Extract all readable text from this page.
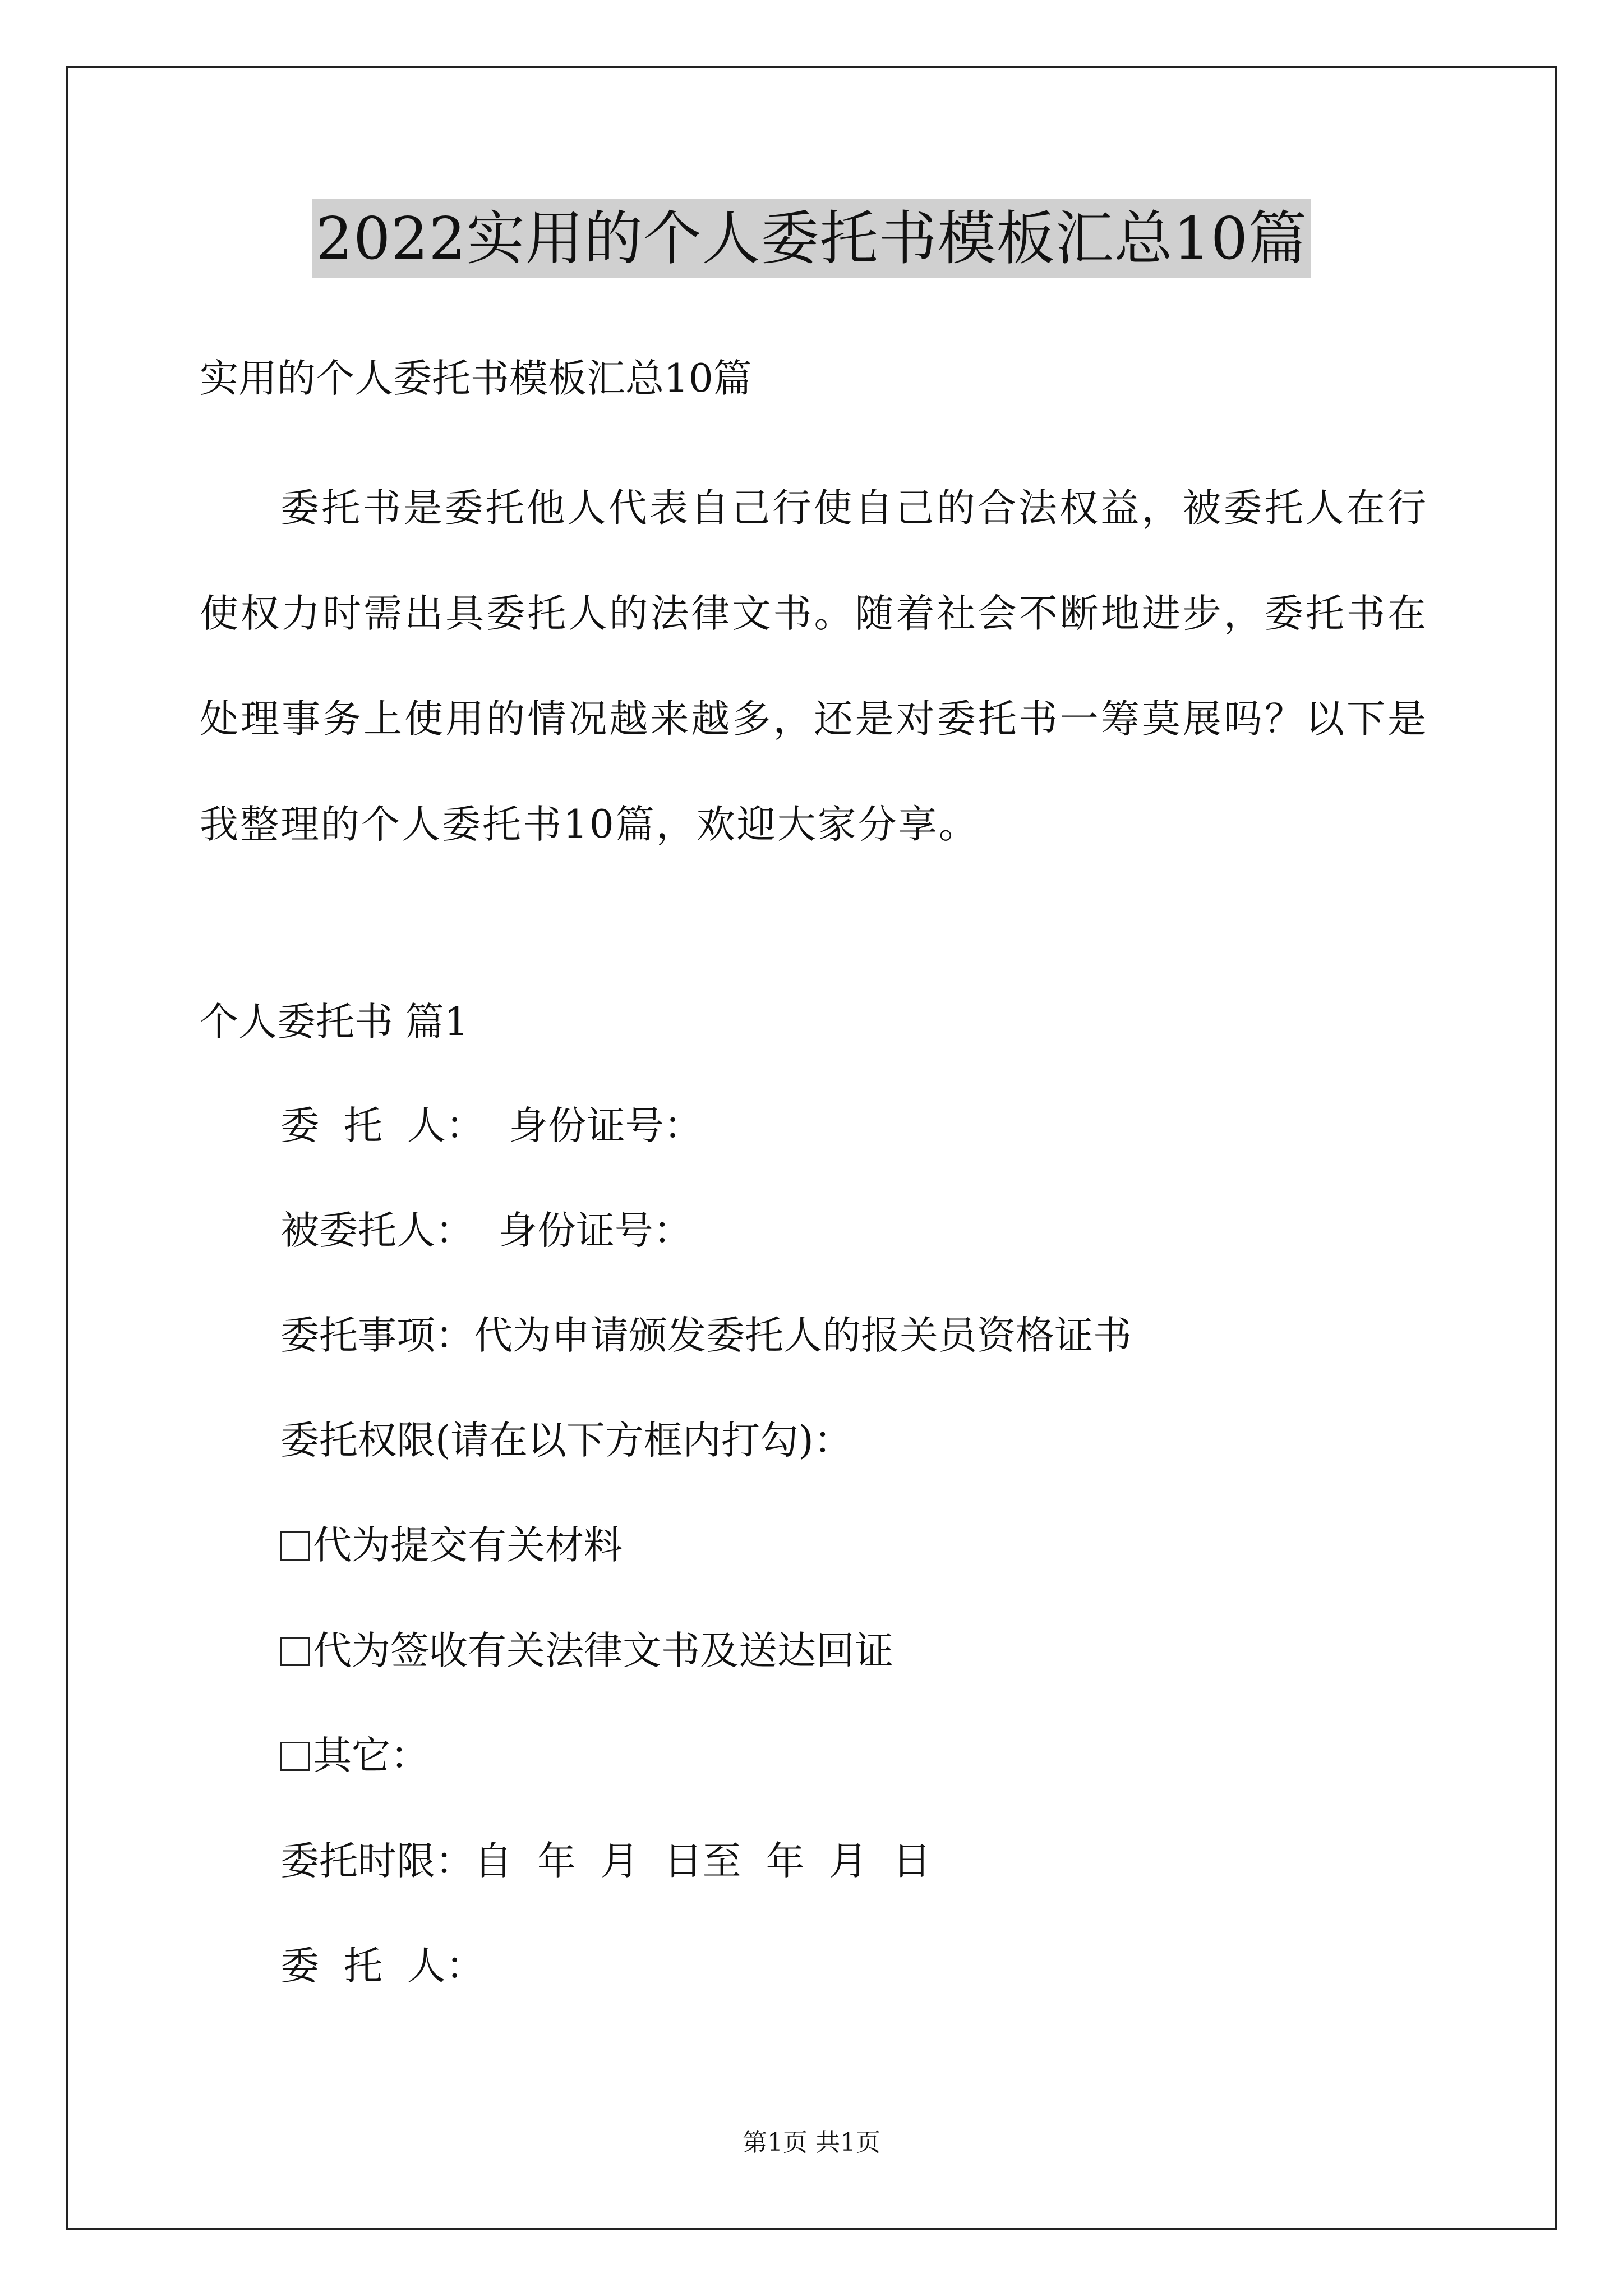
2022实用的个人委托书模板汇总10篇
实用的个人委托书模板汇总10篇
委托书是委托他人代表自己行使自己的合法权益，被委托人在行使权力时需出具委托人的法律文书。随着社会不断地进步，委托书在处理事务上使用的情况越来越多，还是对委托书一筹莫展吗？以下是我整理的个人委托书10篇，欢迎大家分享。
个人委托书 篇1
委  托  人：  身份证号：
被委托人：  身份证号：
委托事项：代为申请颁发委托人的报关员资格证书
委托权限(请在以下方框内打勾)：
代为提交有关材料
代为签收有关法律文书及送达回证
其它：
委托时限：自  年  月  日至  年  月  日
委  托  人：
第1页 共1页
